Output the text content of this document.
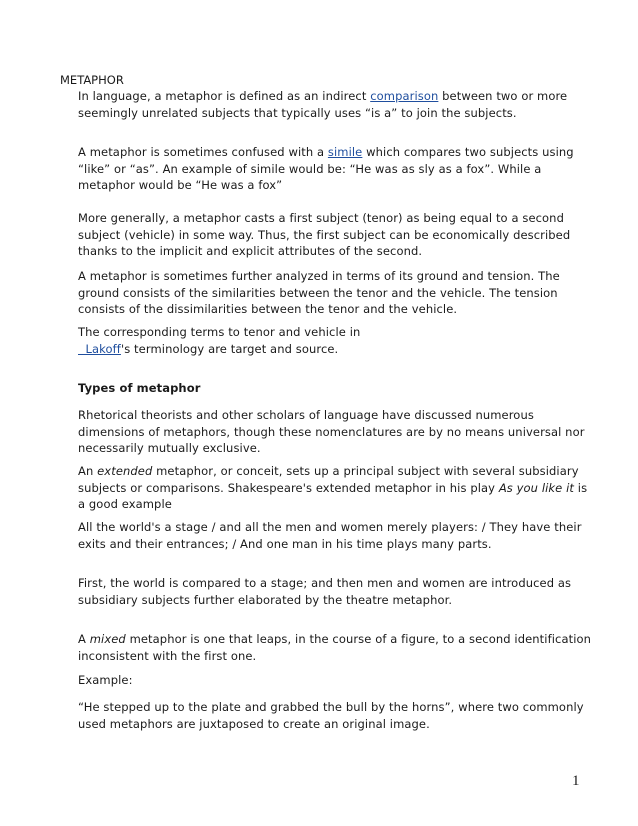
METAPHOR

In language, a metaphor is defined as an indirect comparison between two or more seemingly unrelated subjects that typically uses “is a” to join the subjects.

A metaphor is sometimes confused with a simile which compares two subjects using “like” or “as”. An example of simile would be: “He was as sly as a fox”. While a metaphor would be “He was a fox”

More generally, a metaphor casts a first subject (tenor) as being equal to a second subject (vehicle) in some way. Thus, the first subject can be economically described thanks to the implicit and explicit attributes of the second.

A metaphor is sometimes further analyzed in terms of its ground and tension. The ground consists of the similarities between the tenor and the vehicle. The tension consists of the dissimilarities between the tenor and the vehicle.

The corresponding terms to tenor and vehicle in
Lakoff's terminology are target and source.

Types of metaphor

Rhetorical theorists and other scholars of language have discussed numerous dimensions of metaphors, though these nomenclatures are by no means universal nor necessarily mutually exclusive.

An extended metaphor, or conceit, sets up a principal subject with several subsidiary subjects or comparisons. Shakespeare's extended metaphor in his play As you like it is a good example

All the world's a stage / and all the men and women merely players: / They have their exits and their entrances; / And one man in his time plays many parts.

First, the world is compared to a stage; and then men and women are introduced as subsidiary subjects further elaborated by the theatre metaphor.

A mixed metaphor is one that leaps, in the course of a figure, to a second identification inconsistent with the first one.

Example:

“He stepped up to the plate and grabbed the bull by the horns”, where two commonly used metaphors are juxtaposed to create an original image.

1
